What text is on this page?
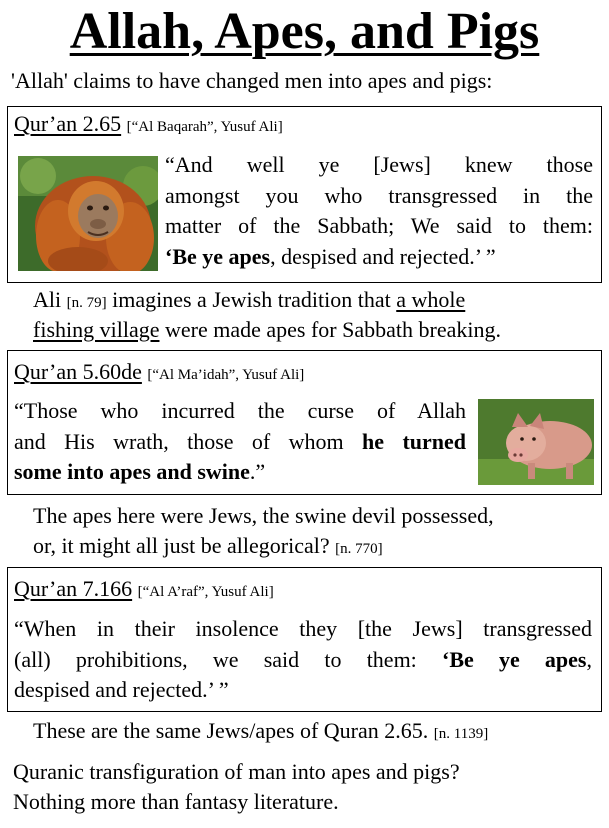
Allah, Apes, and Pigs
'Allah' claims to have changed men into apes and pigs:
Qur’an 2.65 [“Al Baqarah”, Yusuf Ali]
“And well ye [Jews] knew those
amongst you who transgressed in the
matter of the Sabbath; We said to them:
‘Be ye apes, despised and rejected.’ ”
Ali [n. 79] imagines a Jewish tradition that a whole
fishing village were made apes for Sabbath breaking.
Qur’an 5.60de [“Al Ma’idah”, Yusuf Ali]
“Those who incurred the curse of Allah
and His wrath, those of whom he turned
some into apes and swine.”
The apes here were Jews, the swine devil possessed,
or, it might all just be allegorical? [n. 770]
Qur’an 7.166 [“Al A’raf”, Yusuf Ali]
“When in their insolence they [the Jews] transgressed
(all) prohibitions, we said to them: ‘Be ye apes,
despised and rejected.’ ”
These are the same Jews/apes of Quran 2.65. [n. 1139]
Quranic transfiguration of man into apes and pigs?
Nothing more than fantasy literature.
